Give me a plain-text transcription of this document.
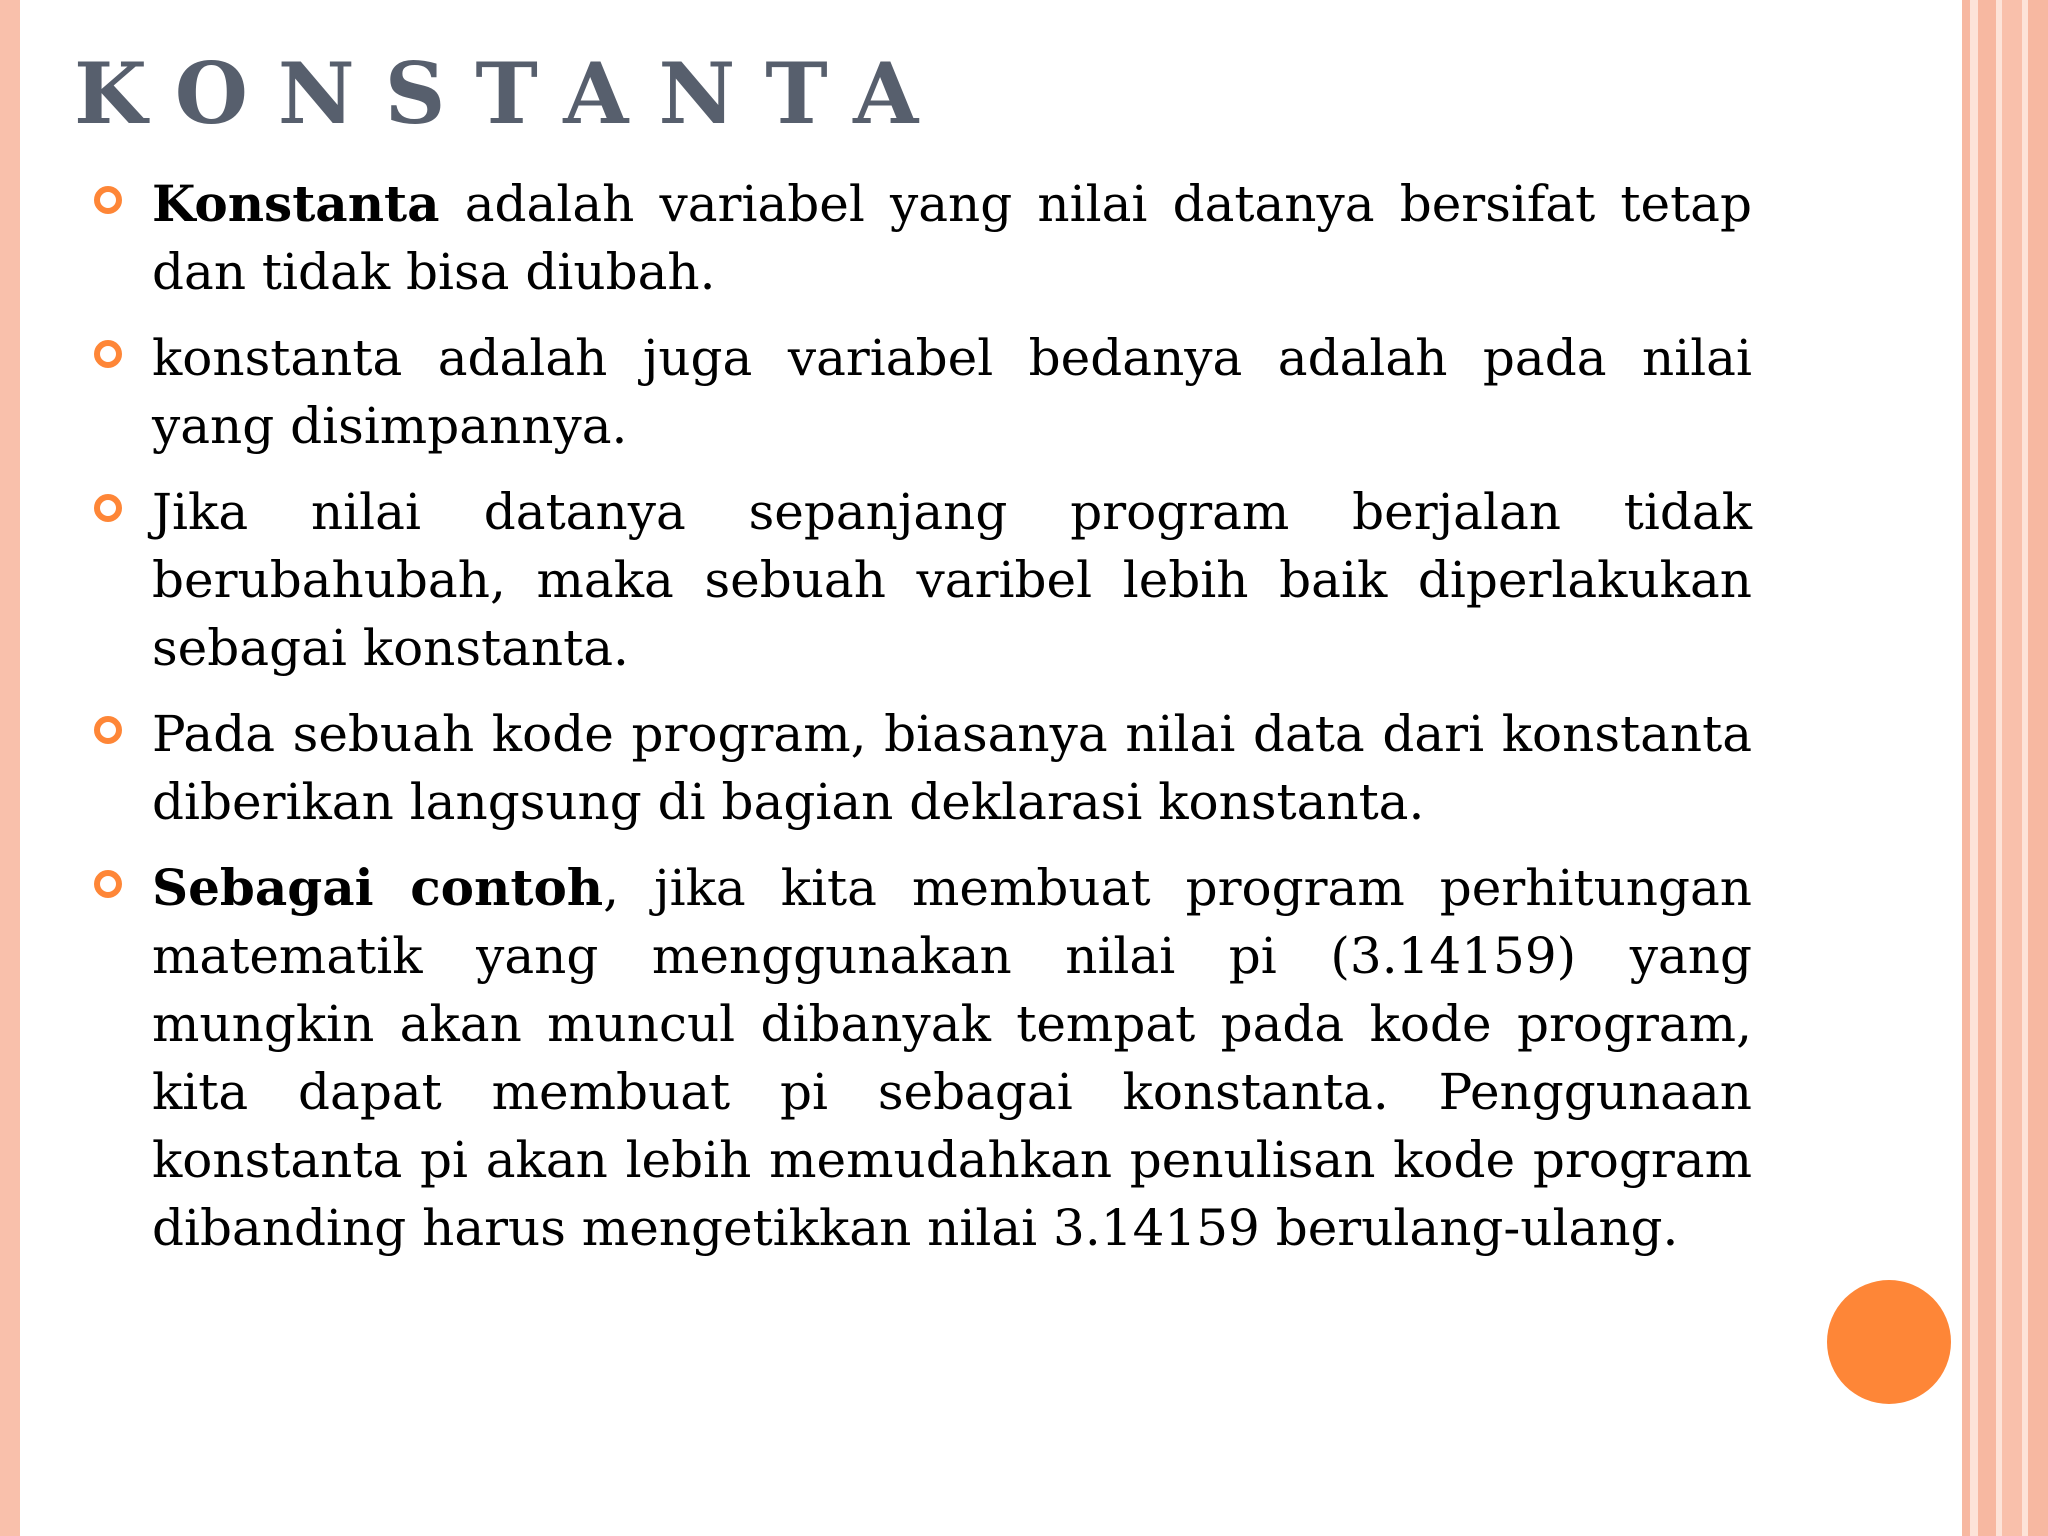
KONSTANTA
Konstanta adalah variabel yang nilai datanya bersifat tetap dan tidak bisa diubah.
konstanta adalah juga variabel bedanya adalah pada nilai yang disimpannya.
Jika nilai datanya sepanjang program berjalan tidak berubahubah, maka sebuah varibel lebih baik diperlakukan sebagai konstanta.
Pada sebuah kode program, biasanya nilai data dari konstanta diberikan langsung di bagian deklarasi konstanta.
Sebagai contoh, jika kita membuat program perhitungan matematik yang menggunakan nilai pi (3.14159) yang mungkin akan muncul dibanyak tempat pada kode program, kita dapat membuat pi sebagai konstanta. Penggunaan konstanta pi akan lebih memudahkan penulisan kode program dibanding harus mengetikkan nilai 3.14159 berulang-ulang.
